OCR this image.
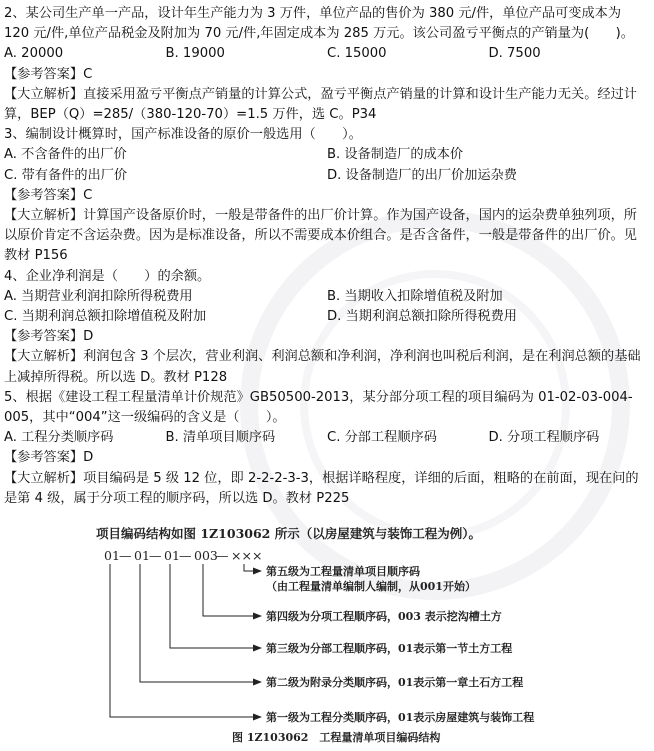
2、某公司生产单一产品，设计年生产能力为 3 万件，单位产品的售价为 380 元/件，单位产品可变成本为 120 元/件,单位产品税金及附加为 70 元/件,年固定成本为 285 万元。该公司盈亏平衡点的产销量为(　　)。

A. 20000	B. 19000	C. 15000	D. 7500

【参考答案】C

【大立解析】直接采用盈亏平衡点产销量的计算公式，盈亏平衡点产销量的计算和设计生产能力无关。经过计算，BEP（Q）=285/（380-120-70）=1.5 万件，选 C。P34

3、编制设计概算时，国产标准设备的原价一般选用（　　）。

A. 不含备件的出厂价	B. 设备制造厂的成本价
C. 带有备件的出厂价	D. 设备制造厂的出厂价加运杂费

【参考答案】C

【大立解析】计算国产设备原价时，一般是带备件的出厂价计算。作为国产设备，国内的运杂费单独列项，所以原价肯定不含运杂费。因为是标准设备，所以不需要成本价组合。是否含备件，一般是带备件的出厂价。见教材 P156

4、企业净利润是（　　）的余额。

A. 当期营业利润扣除所得税费用	B. 当期收入扣除增值税及附加
C. 当期利润总额扣除增值税及附加	D. 当期利润总额扣除所得税费用

【参考答案】D

【大立解析】利润包含 3 个层次，营业利润、利润总额和净利润，净利润也叫税后利润，是在利润总额的基础上减掉所得税。所以选 D。教材 P128

5、根据《建设工程工程量清单计价规范》GB50500-2013，某分部分项工程的项目编码为 01-02-03-004-005，其中“004”这一级编码的含义是（　　）。

A. 工程分类顺序码	B. 清单项目顺序码	C. 分部工程顺序码	D. 分项工程顺序码

【参考答案】D

【大立解析】项目编码是 5 级 12 位，即 2-2-2-3-3，根据详略程度，详细的后面，粗略的在前面，现在问的是第 4 级，属于分项工程的顺序码，所以选 D。教材 P225

项目编码结构如图 1Z103062 所示（以房屋建筑与装饰工程为例）。
01 — 01 — 01 — 003
— ×××
第五级为工程量清单项目顺序码
（由工程量清单编制人编制，从001开始）
第四级为分项工程顺序码，003 表示挖沟槽土方
第三级为分部工程顺序码，01表示第一节土方工程
第二级为附录分类顺序码，01表示第一章土石方工程
第一级为工程分类顺序码，01表示房屋建筑与装饰工程
图 1Z103062　工程量清单项目编码结构
